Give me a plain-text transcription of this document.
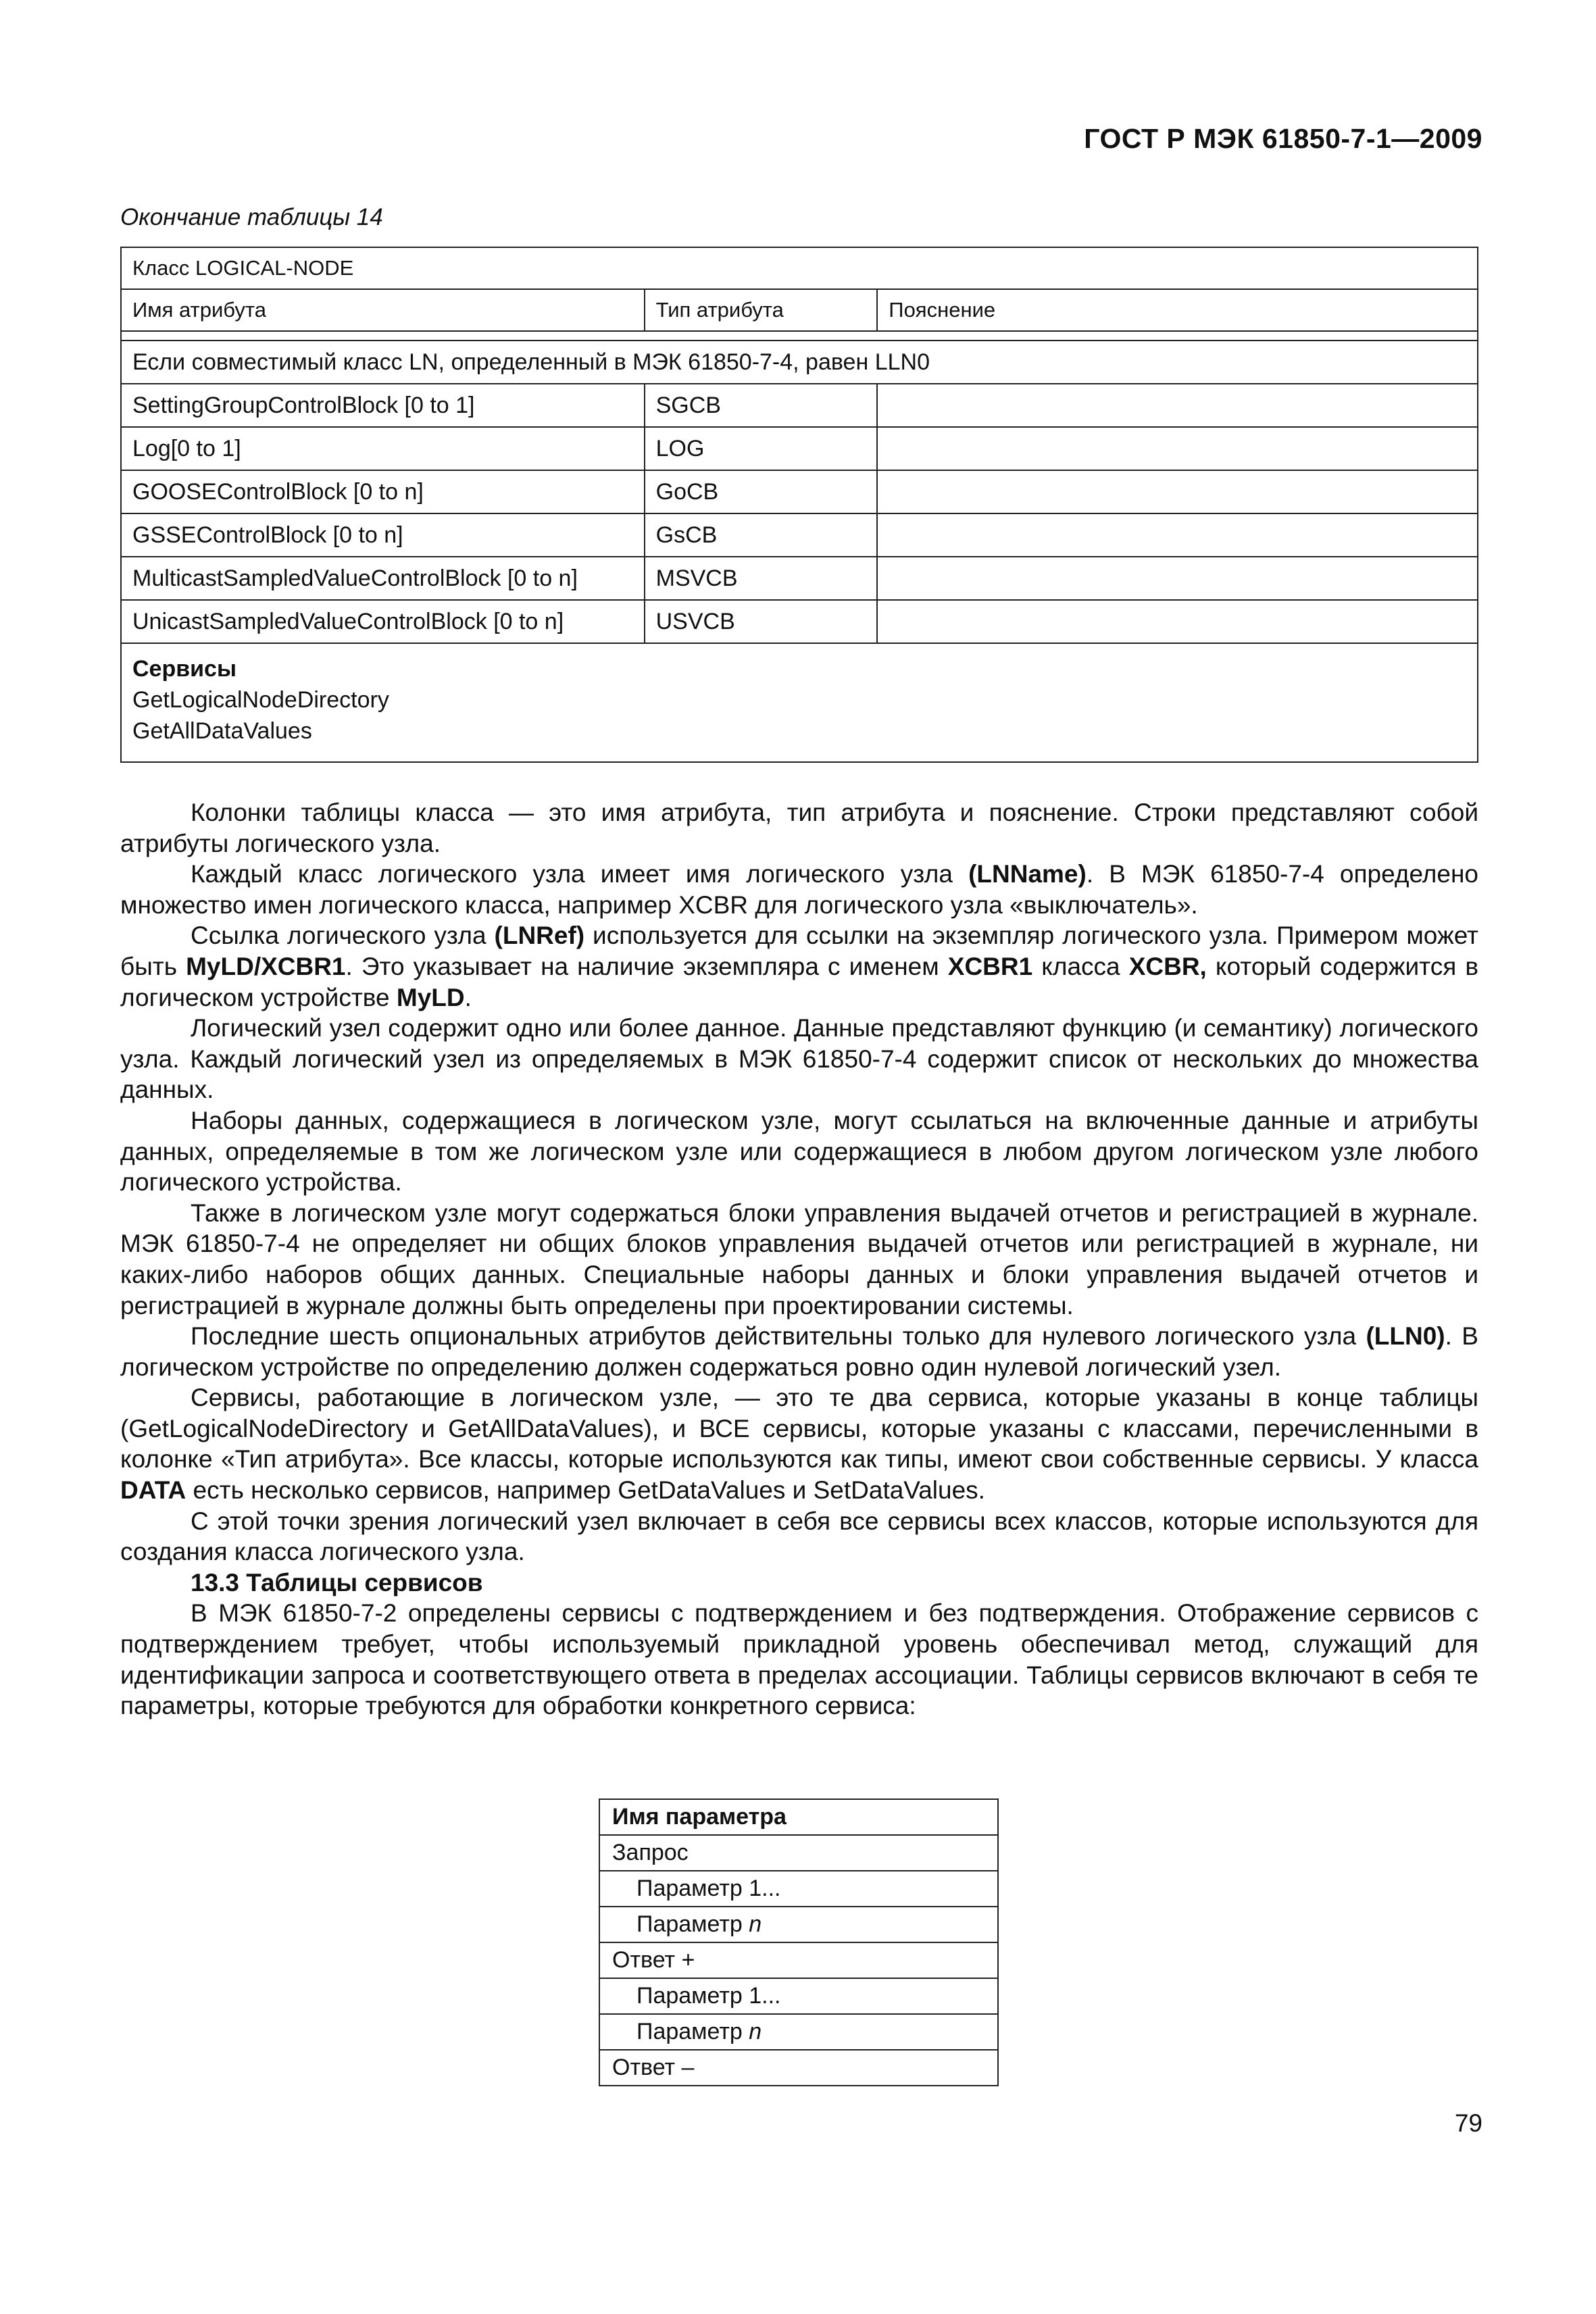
ГОСТ Р МЭК 61850-7-1—2009
Окончание таблицы 14
Класс LOGICAL-NODE		
Имя атрибута	Тип атрибута	Пояснение

Если совместимый класс LN, определенный в МЭК 61850-7-4, равен LLN0		
SettingGroupControlBlock [0 to 1]	SGCB	
Log[0 to 1]	LOG	
GOOSEControlBlock [0 to n]	GoCB	
GSSEControlBlock [0 to n]	GsCB	
MulticastSampledValueControlBlock [0 to n]	MSVCB	
UnicastSampledValueControlBlock [0 to n]	USVCB	

Сервисы
GetLogicalNodeDirectory
GetAllDataValues		

Колонки таблицы класса — это имя атрибута, тип атрибута и пояснение. Строки представляют собой атрибуты логического узла.

Каждый класс логического узла имеет имя логического узла (LNName). В МЭК 61850-7-4 определено множество имен логического класса, например XCBR для логического узла «выключатель».

Ссылка логического узла (LNRef) используется для ссылки на экземпляр логического узла. Примером может быть MyLD/XCBR1. Это указывает на наличие экземпляра с именем XCBR1 класса XCBR, который содержится в логическом устройстве MyLD.

Логический узел содержит одно или более данное. Данные представляют функцию (и семантику) логического узла. Каждый логический узел из определяемых в МЭК 61850-7-4 содержит список от нескольких до множества данных.

Наборы данных, содержащиеся в логическом узле, могут ссылаться на включенные данные и атрибуты данных, определяемые в том же логическом узле или содержащиеся в любом другом логическом узле любого логического устройства.

Также в логическом узле могут содержаться блоки управления выдачей отчетов и регистрацией в журнале. МЭК 61850-7-4 не определяет ни общих блоков управления выдачей отчетов или регистрацией в журнале, ни каких-либо наборов общих данных. Специальные наборы данных и блоки управления выдачей отчетов и регистрацией в журнале должны быть определены при проектировании системы.

Последние шесть опциональных атрибутов действительны только для нулевого логического узла (LLN0). В логическом устройстве по определению должен содержаться ровно один нулевой логический узел.

Сервисы, работающие в логическом узле, — это те два сервиса, которые указаны в конце таблицы (GetLogicalNodeDirectory и GetAllDataValues), и ВСЕ сервисы, которые указаны с классами, перечисленными в колонке «Тип атрибута». Все классы, которые используются как типы, имеют свои собственные сервисы. У класса DATA есть несколько сервисов, например GetDataValues и SetDataValues.

С этой точки зрения логический узел включает в себя все сервисы всех классов, которые используются для создания класса логического узла.

13.3 Таблицы сервисов

В МЭК 61850-7-2 определены сервисы с подтверждением и без подтверждения. Отображение сервисов с подтверждением требует, чтобы используемый прикладной уровень обеспечивал метод, служащий для идентификации запроса и соответствующего ответа в пределах ассоциации. Таблицы сервисов включают в себя те параметры, которые требуются для обработки конкретного сервиса:

Имя параметра
Запрос
Параметр 1...
Параметр n
Ответ +
Параметр 1...
Параметр n
Ответ –
79
